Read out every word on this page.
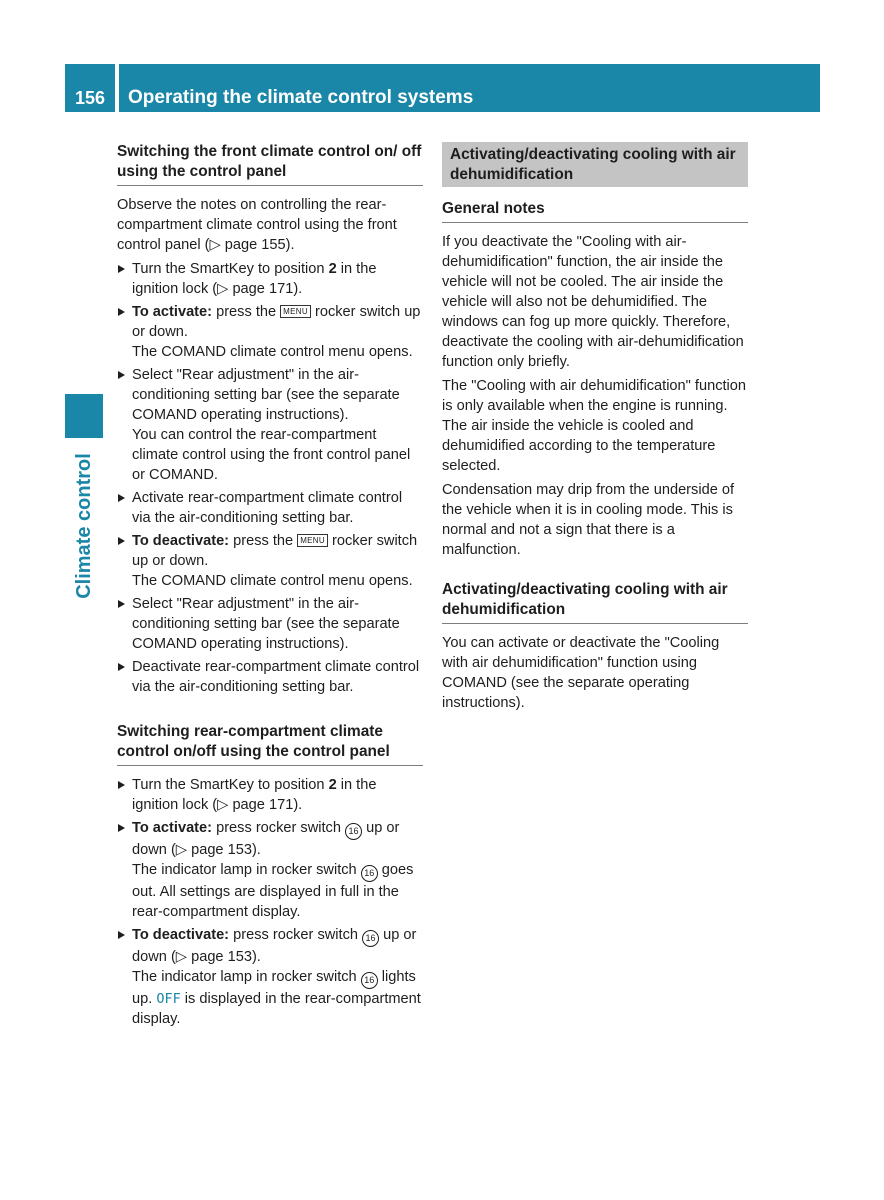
156	Operating the climate control systems
Climate control
Switching the front climate control on/ off using the control panel

Observe the notes on controlling the rear-compartment climate control using the front control panel (▷ page 155).

Turn the SmartKey to position 2 in the ignition lock (▷ page 171).
To activate: press the MENU rocker switch up or down.
The COMAND climate control menu opens.
Select "Rear adjustment" in the air-conditioning setting bar (see the separate COMAND operating instructions).
You can control the rear-compartment climate control using the front control panel or COMAND.
Activate rear-compartment climate control via the air-conditioning setting bar.
To deactivate: press the MENU rocker switch up or down.
The COMAND climate control menu opens.
Select "Rear adjustment" in the air-conditioning setting bar (see the separate COMAND operating instructions).
Deactivate rear-compartment climate control via the air-conditioning setting bar.
Switching rear-compartment climate control on/off using the control panel
Turn the SmartKey to position 2 in the ignition lock (▷ page 171).
To activate: press rocker switch 16 up or down (▷ page 153).
The indicator lamp in rocker switch 16 goes out. All settings are displayed in full in the rear-compartment display.
To deactivate: press rocker switch 16 up or down (▷ page 153).
The indicator lamp in rocker switch 16 lights up. OFF is displayed in the rear-compartment display.
Activating/deactivating cooling with air dehumidification
General notes

If you deactivate the "Cooling with air-dehumidification" function, the air inside the vehicle will not be cooled. The air inside the vehicle will also not be dehumidified. The windows can fog up more quickly. Therefore, deactivate the cooling with air-dehumidification function only briefly.

The "Cooling with air dehumidification" function is only available when the engine is running. The air inside the vehicle is cooled and dehumidified according to the temperature selected.

Condensation may drip from the underside of the vehicle when it is in cooling mode. This is normal and not a sign that there is a malfunction.

Activating/deactivating cooling with air dehumidification

You can activate or deactivate the "Cooling with air dehumidification" function using COMAND (see the separate operating instructions).
